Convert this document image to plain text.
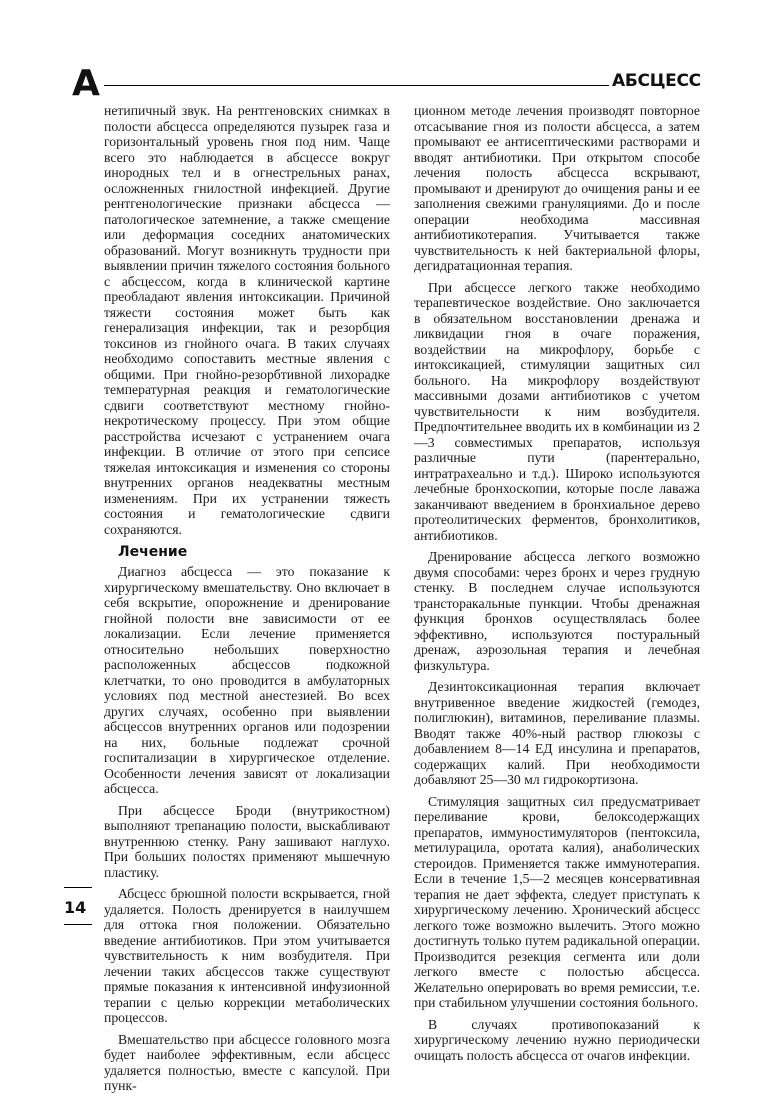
А	АБСЦЕСС

нетипичный звук. На рентгеновских снимках в полости абсцесса определяются пузырек газа и горизонтальный уровень гноя под ним. Чаще всего это наблюдается в абсцессе вокруг инородных тел и в огнестрельных ранах, осложненных гнилостной инфекцией. Другие рентгенологические признаки абсцесса — патологическое затемнение, а также смещение или деформация соседних анатомических образований. Могут возникнуть трудности при выявлении причин тяжелого состояния больного с абсцессом, когда в клинической картине преобладают явления интоксикации. Причиной тяжести состояния может быть как генерализация инфекции, так и резорбция токсинов из гнойного очага. В таких случаях необходимо сопоставить местные явления с общими. При гнойно-резорбтивной лихорадке температурная реакция и гематологические сдвиги соответствуют местному гнойно-некротическому процессу. При этом общие расстройства исчезают с устранением очага инфекции. В отличие от этого при сепсисе тяжелая интоксикация и изменения со стороны внутренних органов неадекватны местным изменениям. При их устранении тяжесть состояния и гематологические сдвиги сохраняются.

Лечение

Диагноз абсцесса — это показание к хирургическому вмешательству. Оно включает в себя вскрытие, опорожнение и дренирование гнойной полости вне зависимости от ее локализации. Если лечение применяется относительно небольших поверхностно расположенных абсцессов подкожной клетчатки, то оно проводится в амбулаторных условиях под местной анестезией. Во всех других случаях, особенно при выявлении абсцессов внутренних органов или подозрении на них, больные подлежат срочной госпитализации в хирургическое отделение. Особенности лечения зависят от локализации абсцесса.

При абсцессе Броди (внутрикостном) выполняют трепанацию полости, выскабливают внутреннюю стенку. Рану зашивают наглухо. При больших полостях применяют мышечную пластику.

Абсцесс брюшной полости вскрывается, гной удаляется. Полость дренируется в наилучшем для оттока гноя положении. Обязательно введение антибиотиков. При этом учитывается чувствительность к ним возбудителя. При лечении таких абсцессов также существуют прямые показания к интенсивной инфузионной терапии с целью коррекции метаболических процессов.

Вмешательство при абсцессе головного мозга будет наиболее эффективным, если абсцесс удаляется полностью, вместе с капсулой. При пунк-

ционном методе лечения производят повторное отсасывание гноя из полости абсцесса, а затем промывают ее антисептическими растворами и вводят антибиотики. При открытом способе лечения полость абсцесса вскрывают, промывают и дренируют до очищения раны и ее заполнения свежими грануляциями. До и после операции необходима массивная антибиотикотерапия. Учитывается также чувствительность к ней бактериальной флоры, дегидратационная терапия.

При абсцессе легкого также необходимо терапевтическое воздействие. Оно заключается в обязательном восстановлении дренажа и ликвидации гноя в очаге поражения, воздействии на микрофлору, борьбе с интоксикацией, стимуляции защитных сил больного. На микрофлору воздействуют массивными дозами антибиотиков с учетом чувствительности к ним возбудителя. Предпочтительнее вводить их в комбинации из 2—3 совместимых препаратов, используя различные пути (парентерально, интратрахеально и т.д.). Широко используются лечебные бронхоскопии, которые после лаважа заканчивают введением в бронхиальное дерево протеолитических ферментов, бронхолитиков, антибиотиков.

Дренирование абсцесса легкого возможно двумя способами: через бронх и через грудную стенку. В последнем случае используются трансторакальные пункции. Чтобы дренажная функция бронхов осуществлялась более эффективно, используются постуральный дренаж, аэрозольная терапия и лечебная физкультура.

Дезинтоксикационная терапия включает внутривенное введение жидкостей (гемодез, полиглюкин), витаминов, переливание плазмы. Вводят также 40%-ный раствор глюкозы с добавлением 8—14 ЕД инсулина и препаратов, содержащих калий. При необходимости добавляют 25—30 мл гидрокортизона.

Стимуляция защитных сил предусматривает переливание крови, белоксодержащих препаратов, иммуностимуляторов (пентоксила, метилурацила, оротата калия), анаболических стероидов. Применяется также иммунотерапия. Если в течение 1,5—2 месяцев консервативная терапия не дает эффекта, следует приступать к хирургическому лечению. Хронический абсцесс легкого тоже возможно вылечить. Этого можно достигнуть только путем радикальной операции. Производится резекция сегмента или доли легкого вместе с полостью абсцесса. Желательно оперировать во время ремиссии, т.е. при стабильном улучшении состояния больного.

В случаях противопоказаний к хирургическому лечению нужно периодически очищать полость абсцесса от очагов инфекции.

14
